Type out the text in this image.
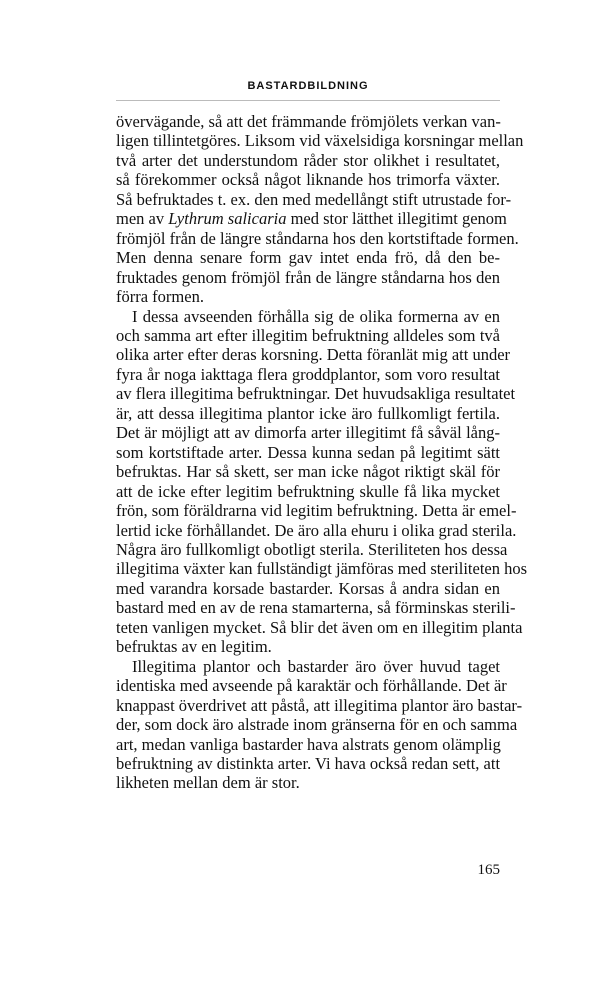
BASTARDBILDNING
övervägande, så att det främmande frömjölets verkan van-
ligen tillintetgöres. Liksom vid växelsidiga korsningar mellan
två arter det understundom råder stor olikhet i resultatet,
så förekommer också något liknande hos trimorfa växter.
Så befruktades t. ex. den med medellångt stift utrustade for-
men av Lythrum salicaria med stor lätthet illegitimt genom
frömjöl från de längre ståndarna hos den kortstiftade formen.
Men denna senare form gav intet enda frö, då den be-
fruktades genom frömjöl från de längre ståndarna hos den
förra formen.
I dessa avseenden förhålla sig de olika formerna av en
och samma art efter illegitim befruktning alldeles som två
olika arter efter deras korsning. Detta föranlät mig att under
fyra år noga iakttaga flera groddplantor, som voro resultat
av flera illegitima befruktningar. Det huvudsakliga resultatet
är, att dessa illegitima plantor icke äro fullkomligt fertila.
Det är möjligt att av dimorfa arter illegitimt få såväl lång-
som kortstiftade arter. Dessa kunna sedan på legitimt sätt
befruktas. Har så skett, ser man icke något riktigt skäl för
att de icke efter legitim befruktning skulle få lika mycket
frön, som föräldrarna vid legitim befruktning. Detta är emel-
lertid icke förhållandet. De äro alla ehuru i olika grad sterila.
Några äro fullkomligt obotligt sterila. Steriliteten hos dessa
illegitima växter kan fullständigt jämföras med steriliteten hos
med varandra korsade bastarder. Korsas å andra sidan en
bastard med en av de rena stamarterna, så förminskas sterili-
teten vanligen mycket. Så blir det även om en illegitim planta
befruktas av en legitim.
Illegitima plantor och bastarder äro över huvud taget
identiska med avseende på karaktär och förhållande. Det är
knappast överdrivet att påstå, att illegitima plantor äro bastar-
der, som dock äro alstrade inom gränserna för en och samma
art, medan vanliga bastarder hava alstrats genom olämplig
befruktning av distinkta arter. Vi hava också redan sett, att
likheten mellan dem är stor.
165
